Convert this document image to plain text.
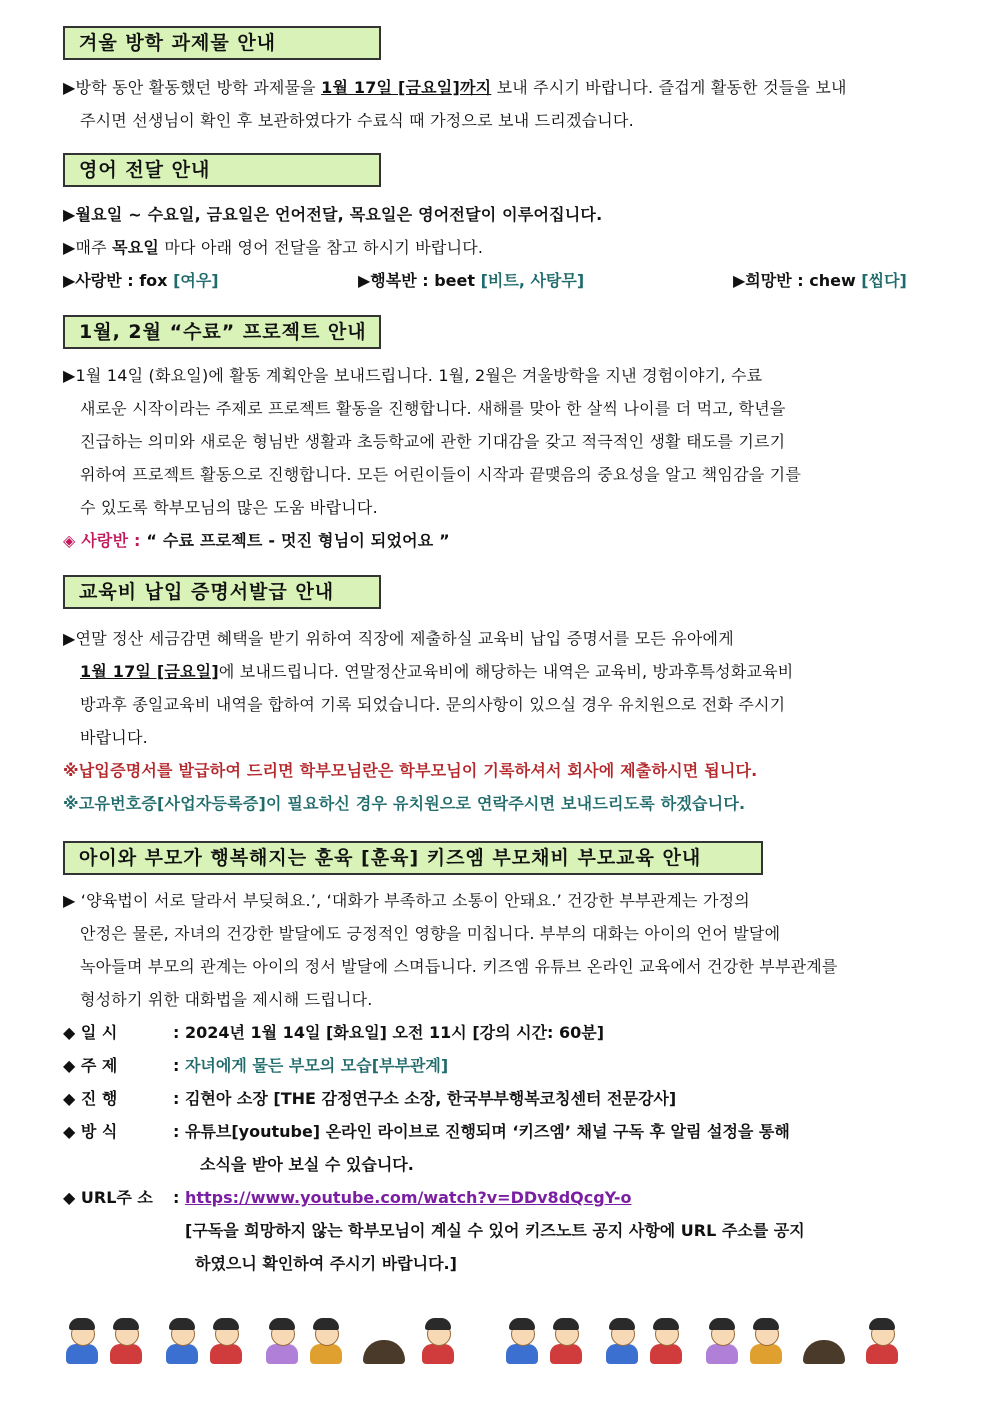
겨울 방학 과제물 안내
▶방학 동안 활동했던 방학 과제물을 1월 17일 [금요일]까지 보내 주시기 바랍니다. 즐겁게 활동한 것들을 보내
주시면 선생님이 확인 후 보관하였다가 수료식 때 가정으로 보내 드리겠습니다.
영어 전달 안내
▶월요일 ~ 수요일, 금요일은 언어전달, 목요일은 영어전달이 이루어집니다.
▶매주 목요일 마다 아래 영어 전달을 참고 하시기 바랍니다.
▶사랑반 : fox [여우]	▶행복반 : beet [비트, 사탕무]	▶희망반 : chew [씹다]
1월, 2월 “수료” 프로젝트 안내
▶1월 14일 (화요일)에 활동 계획안을 보내드립니다. 1월, 2월은 겨울방학을 지낸 경험이야기, 수료
새로운 시작이라는 주제로 프로젝트 활동을 진행합니다. 새해를 맞아 한 살씩 나이를 더 먹고, 학년을
진급하는 의미와 새로운 형님반 생활과 초등학교에 관한 기대감을 갖고 적극적인 생활 태도를 기르기
위하여 프로젝트 활동으로 진행합니다. 모든 어린이들이 시작과 끝맺음의 중요성을 알고 책임감을 기를
수 있도록 학부모님의 많은 도움 바랍니다.
◈ 사랑반 : “ 수료 프로젝트 - 멋진 형님이 되었어요 ”
교육비 납입 증명서발급 안내
▶연말 정산 세금감면 혜택을 받기 위하여 직장에 제출하실 교육비 납입 증명서를 모든 유아에게
1월 17일 [금요일]에 보내드립니다. 연말정산교육비에 해당하는 내역은 교육비, 방과후특성화교육비
방과후 종일교육비 내역을 합하여 기록 되었습니다. 문의사항이 있으실 경우 유치원으로 전화 주시기
바랍니다.
※납입증명서를 발급하여 드리면 학부모님란은 학부모님이 기록하셔서 회사에 제출하시면 됩니다.
※고유번호증[사업자등록증]이 필요하신 경우 유치원으로 연락주시면 보내드리도록 하겠습니다.
아이와 부모가 행복해지는 훈육 [훈육] 키즈엠 부모채비 부모교육 안내
▶ ‘양육법이 서로 달라서 부딪혀요.’, ‘대화가 부족하고 소통이 안돼요.’ 건강한 부부관계는 가정의
안정은 물론, 자녀의 건강한 발달에도 긍정적인 영향을 미칩니다. 부부의 대화는 아이의 언어 발달에
녹아들며 부모의 관계는 아이의 정서 발달에 스며듭니다. 키즈엠 유튜브 온라인 교육에서 건강한 부부관계를
형성하기 위한 대화법을 제시해 드립니다.
◆ 일 시	: 2024년 1월 14일 [화요일] 오전 11시 [강의 시간: 60분]
◆ 주 제	: 자녀에게 물든 부모의 모습[부부관계]
◆ 진 행	: 김현아 소장 [THE 감정연구소 소장, 한국부부행복코칭센터 전문강사]
◆ 방 식	: 유튜브[youtube] 온라인 라이브로 진행되며 ‘키즈엠’ 채널 구독 후 알림 설정을 통해
소식을 받아 보실 수 있습니다.
◆ URL주 소 : https://www.youtube.com/watch?v=DDv8dQcgY-o
[구독을 희망하지 않는 학부모님이 계실 수 있어 키즈노트 공지 사항에 URL 주소를 공지
하였으니 확인하여 주시기 바랍니다.]
